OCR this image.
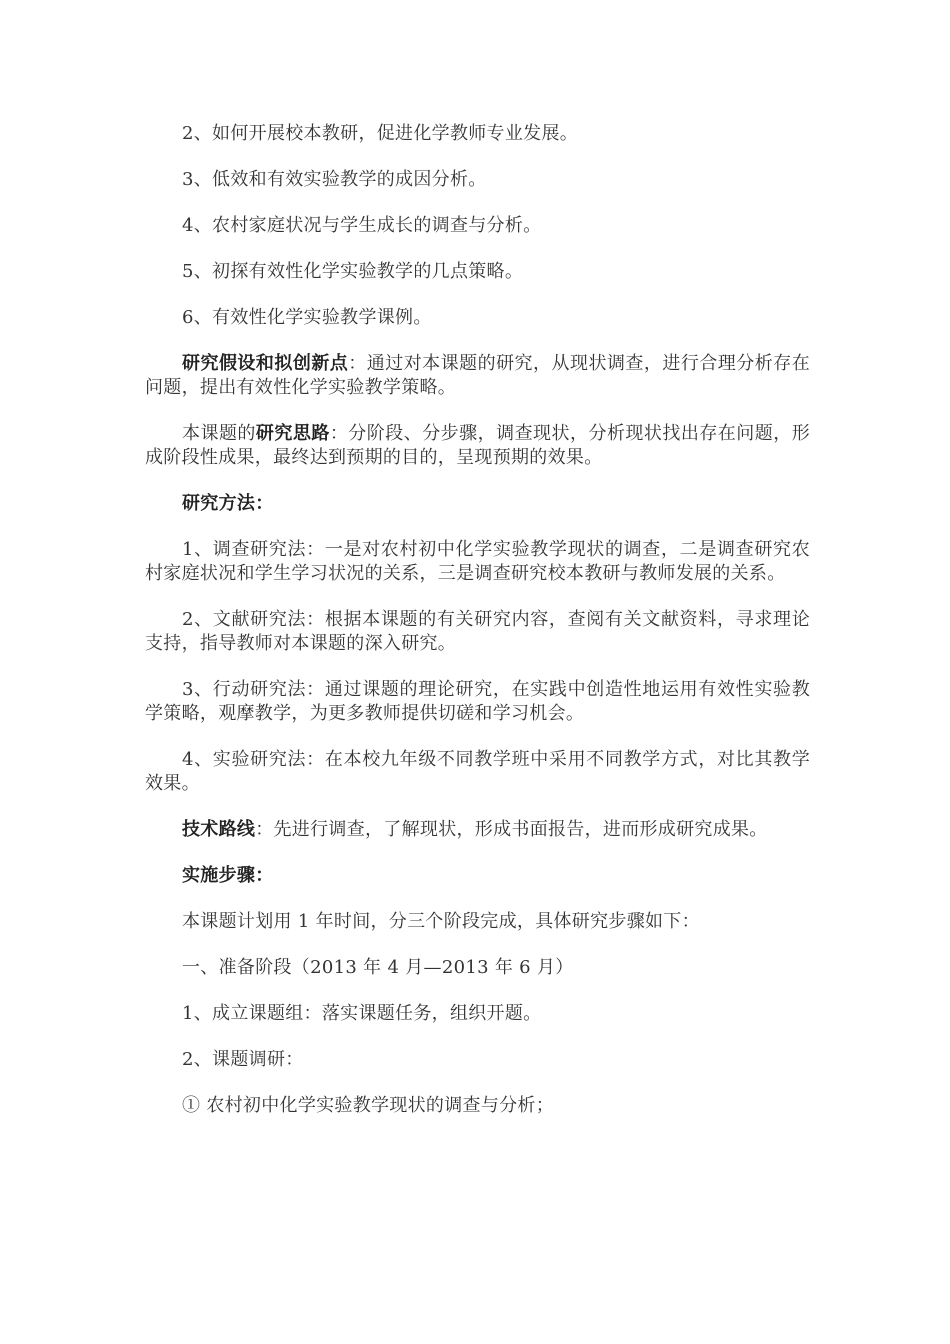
2、如何开展校本教研，促进化学教师专业发展。

3、低效和有效实验教学的成因分析。

4、农村家庭状况与学生成长的调查与分析。

5、初探有效性化学实验教学的几点策略。

6、有效性化学实验教学课例。

研究假设和拟创新点：通过对本课题的研究，从现状调查，进行合理分析存在问题，提出有效性化学实验教学策略。

本课题的研究思路：分阶段、分步骤，调查现状，分析现状找出存在问题，形成阶段性成果，最终达到预期的目的，呈现预期的效果。

研究方法：

1、调查研究法：一是对农村初中化学实验教学现状的调查，二是调查研究农村家庭状况和学生学习状况的关系，三是调查研究校本教研与教师发展的关系。

2、文献研究法：根据本课题的有关研究内容，查阅有关文献资料，寻求理论支持，指导教师对本课题的深入研究。

3、行动研究法：通过课题的理论研究，在实践中创造性地运用有效性实验教学策略，观摩教学，为更多教师提供切磋和学习机会。

4、实验研究法：在本校九年级不同教学班中采用不同教学方式，对比其教学效果。

技术路线：先进行调查，了解现状，形成书面报告，进而形成研究成果。

实施步骤：

本课题计划用 1 年时间，分三个阶段完成，具体研究步骤如下：

一、准备阶段（2013 年 4 月—2013 年 6 月）

1、成立课题组：落实课题任务，组织开题。

2、课题调研：

① 农村初中化学实验教学现状的调查与分析；
